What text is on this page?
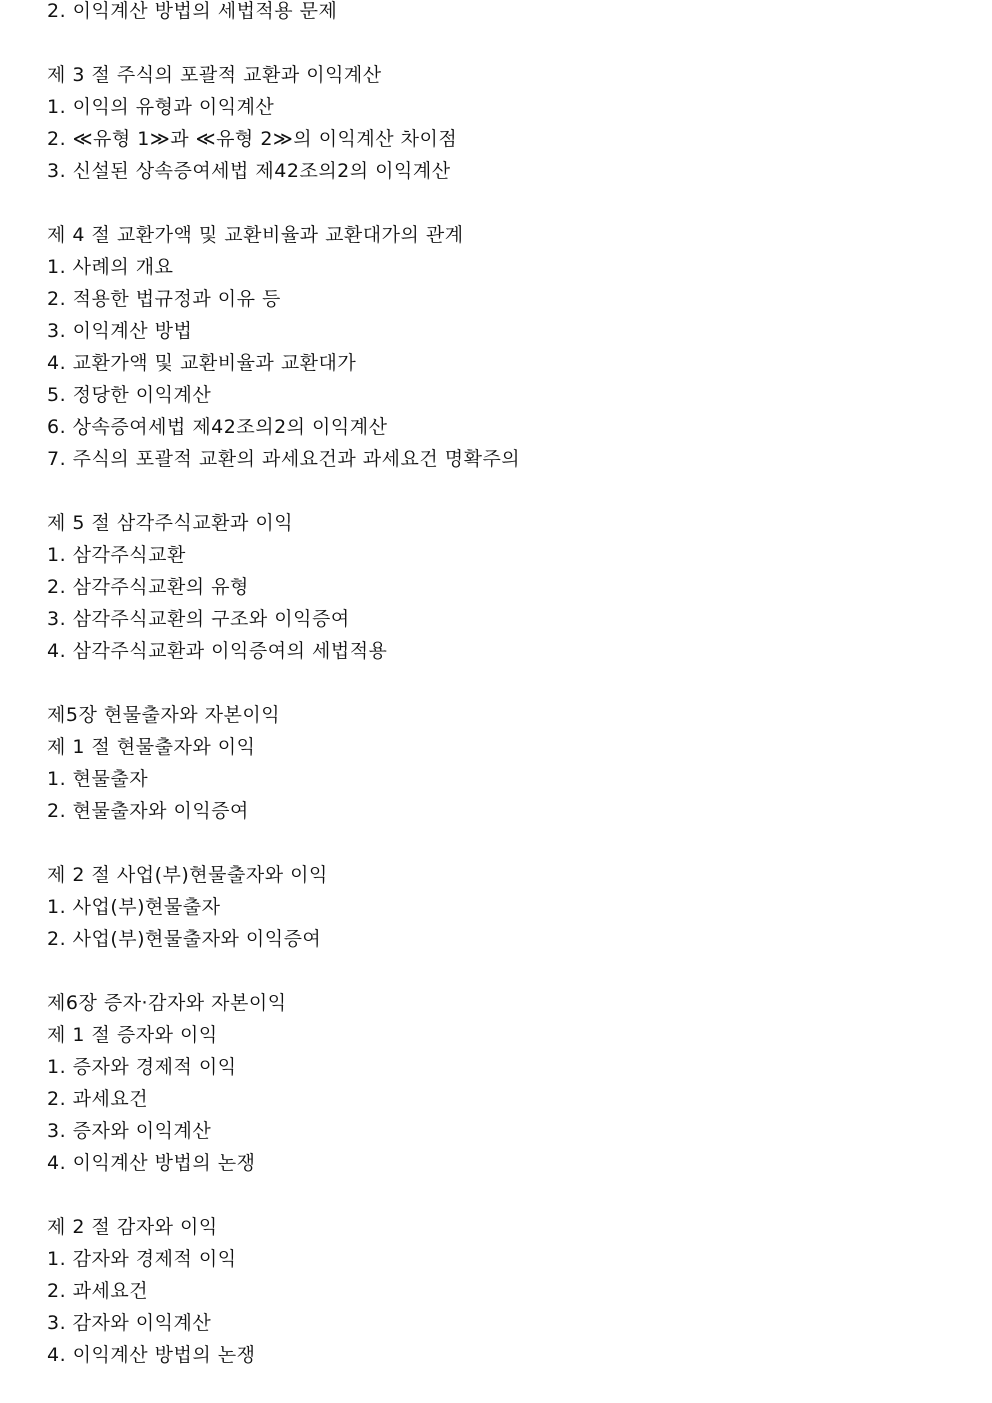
2. 이익계산 방법의 세법적용 문제
제 3 절 주식의 포괄적 교환과 이익계산
1. 이익의 유형과 이익계산
2. ≪유형 1≫과 ≪유형 2≫의 이익계산 차이점
3. 신설된 상속증여세법 제42조의2의 이익계산
제 4 절 교환가액 및 교환비율과 교환대가의 관계
1. 사례의 개요
2. 적용한 법규정과 이유 등
3. 이익계산 방법
4. 교환가액 및 교환비율과 교환대가
5. 정당한 이익계산
6. 상속증여세법 제42조의2의 이익계산
7. 주식의 포괄적 교환의 과세요건과 과세요건 명확주의
제 5 절 삼각주식교환과 이익
1. 삼각주식교환
2. 삼각주식교환의 유형
3. 삼각주식교환의 구조와 이익증여
4. 삼각주식교환과 이익증여의 세법적용
제5장 현물출자와 자본이익
제 1 절 현물출자와 이익
1. 현물출자
2. 현물출자와 이익증여
제 2 절 사업(부)현물출자와 이익
1. 사업(부)현물출자
2. 사업(부)현물출자와 이익증여
제6장 증자·감자와 자본이익
제 1 절 증자와 이익
1. 증자와 경제적 이익
2. 과세요건
3. 증자와 이익계산
4. 이익계산 방법의 논쟁
제 2 절 감자와 이익
1. 감자와 경제적 이익
2. 과세요건
3. 감자와 이익계산
4. 이익계산 방법의 논쟁
